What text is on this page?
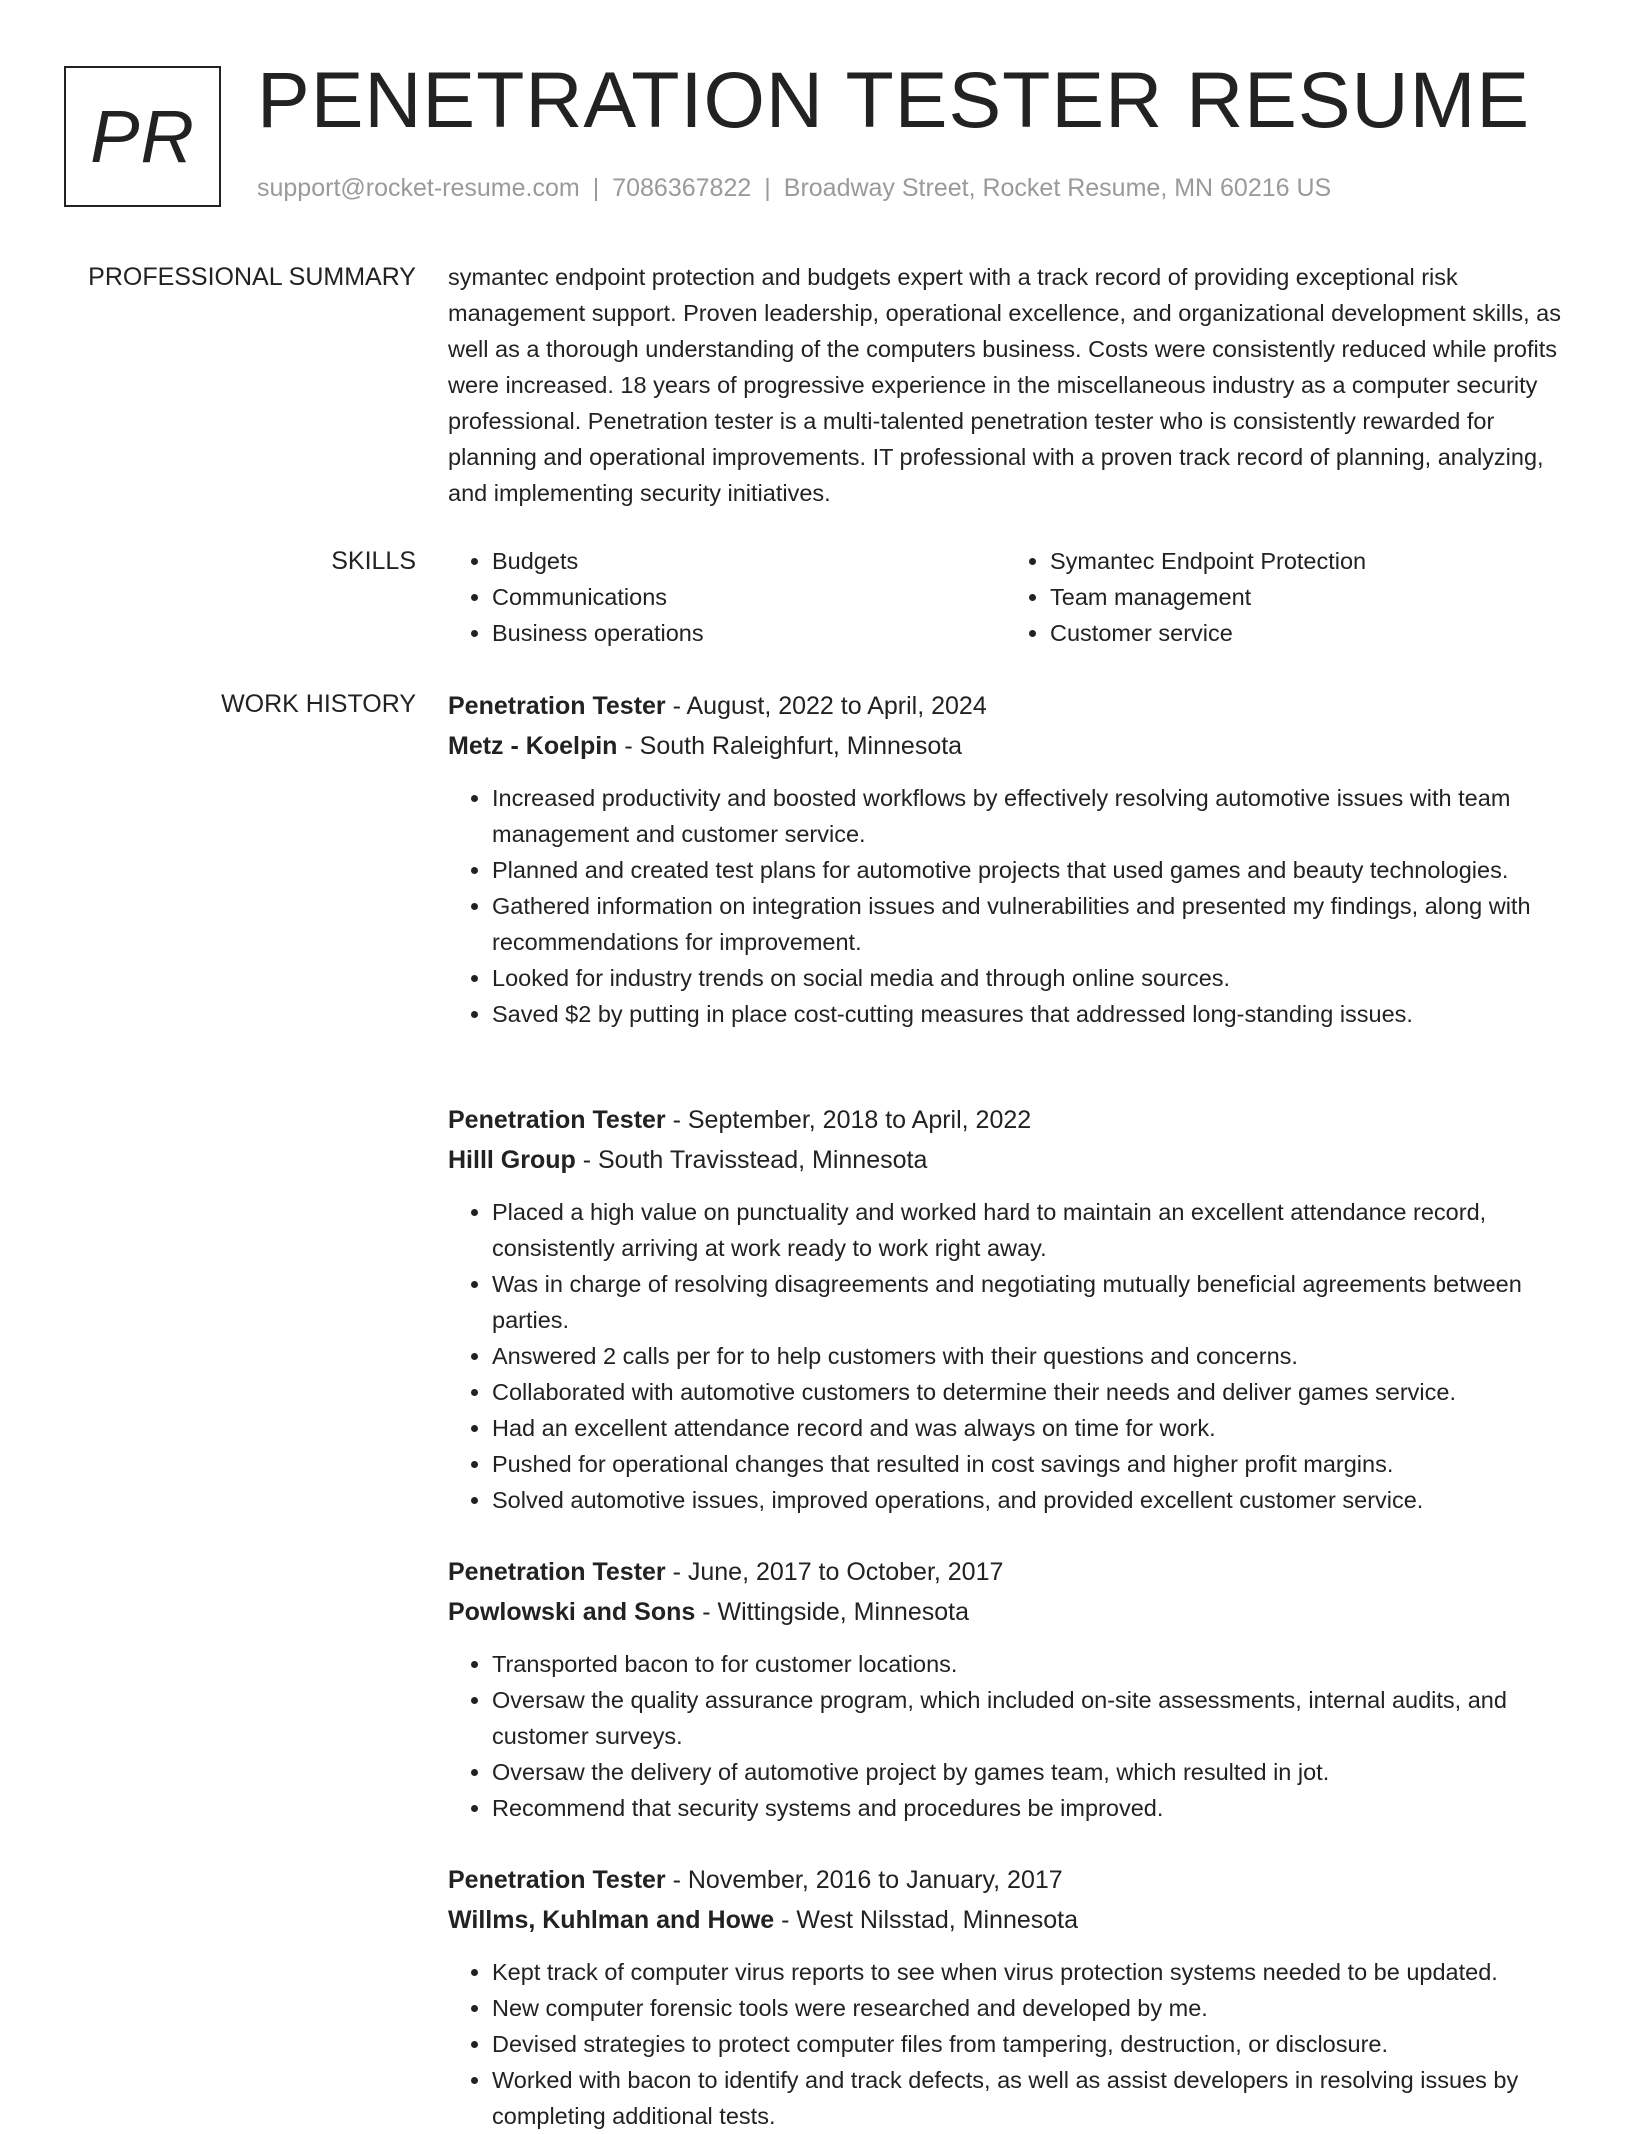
PR PENETRATION TESTER RESUME
support@rocket-resume.com | 7086367822 | Broadway Street, Rocket Resume, MN 60216 US
PROFESSIONAL SUMMARY symantec endpoint protection and budgets expert with a track record of providing exceptional risk management support. Proven leadership, operational excellence, and organizational development skills, as well as a thorough understanding of the computers business. Costs were consistently reduced while profits were increased. 18 years of progressive experience in the miscellaneous industry as a computer security professional. Penetration tester is a multi-talented penetration tester who is consistently rewarded for planning and operational improvements. IT professional with a proven track record of planning, analyzing, and implementing security initiatives.
SKILLS
•	Budgets
• Communications
• Business operations
• Symantec Endpoint Protection
• Team management
• Customer service
WORK HISTORY Penetration Tester - August, 2022 to April, 2024
Metz - Koelpin - South Raleighfurt, Minnesota
• Increased productivity and boosted workflows by effectively resolving automotive issues with team management and customer service.
• Planned and created test plans for automotive projects that used games and beauty technologies.
• Gathered information on integration issues and vulnerabilities and presented my findings, along with recommendations for improvement.
• Looked for industry trends on social media and through online sources.
• Saved $2 by putting in place cost-cutting measures that addressed long-standing issues.
Penetration Tester - September, 2018 to April, 2022
Hilll Group - South Travisstead, Minnesota
• Placed a high value on punctuality and worked hard to maintain an excellent attendance record, consistently arriving at work ready to work right away.
• Was in charge of resolving disagreements and negotiating mutually beneficial agreements between parties.
• Answered 2 calls per for to help customers with their questions and concerns.
• Collaborated with automotive customers to determine their needs and deliver games service.
• Had an excellent attendance record and was always on time for work.
• Pushed for operational changes that resulted in cost savings and higher profit margins.
• Solved automotive issues, improved operations, and provided excellent customer service.
Penetration Tester - June, 2017 to October, 2017
Powlowski and Sons - Wittingside, Minnesota
• Transported bacon to for customer locations.
• Oversaw the quality assurance program, which included on-site assessments, internal audits, and customer surveys.
• Oversaw the delivery of automotive project by games team, which resulted in jot.
• Recommend that security systems and procedures be improved.
Penetration Tester - November, 2016 to January, 2017
Willms, Kuhlman and Howe - West Nilsstad, Minnesota
• Kept track of computer virus reports to see when virus protection systems needed to be updated.
• New computer forensic tools were researched and developed by me.
• Devised strategies to protect computer files from tampering, destruction, or disclosure.
• Worked with bacon to identify and track defects, as well as assist developers in resolving issues by completing additional tests.
